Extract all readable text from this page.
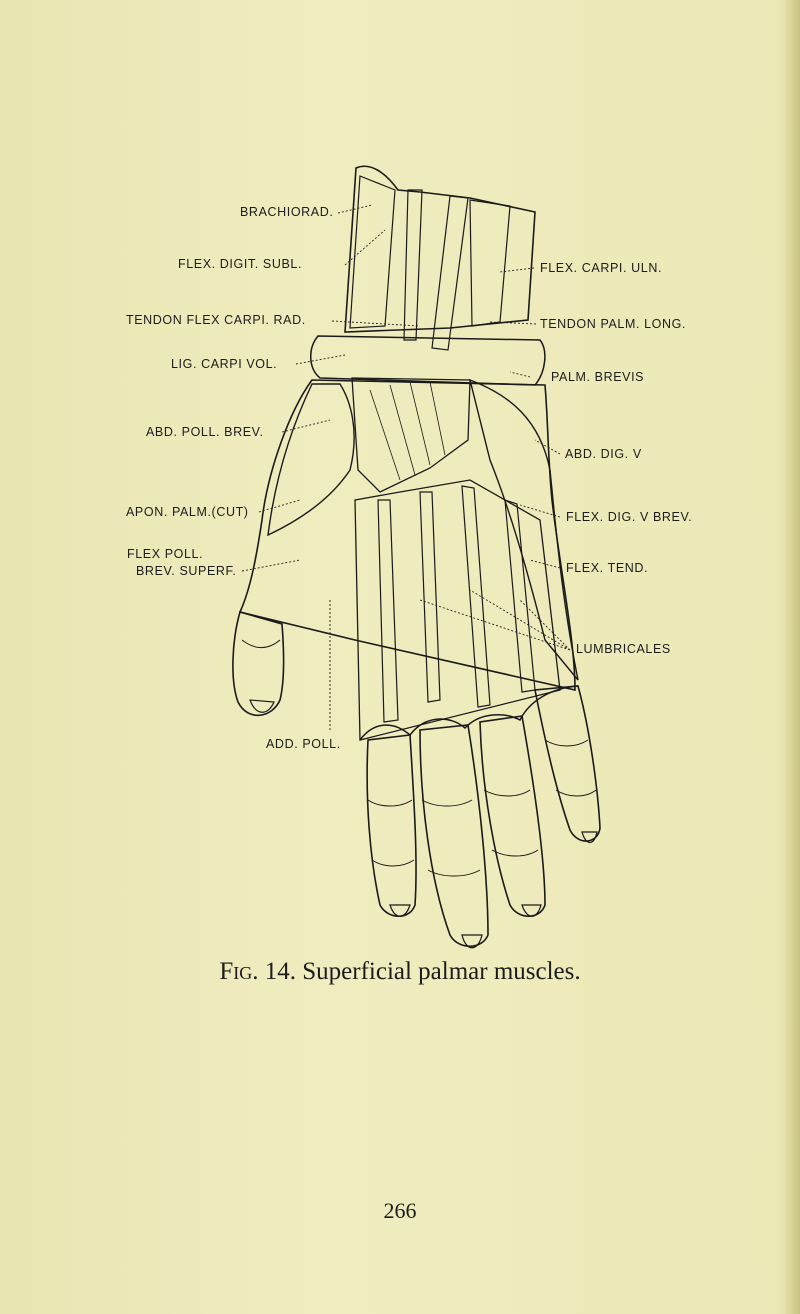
BRACHIORAD.
FLEX. DIGIT. SUBL.
TENDON FLEX CARPI. RAD.
LIG. CARPI VOL.
ABD. POLL. BREV.
APON. PALM.(CUT)
FLEX POLL.
BREV. SUPERF.
ADD. POLL.
FLEX. CARPI. ULN.
TENDON PALM. LONG.
PALM. BREVIS
ABD. DIG. V
FLEX. DIG. V BREV.
FLEX. TEND.
LUMBRICALES
Fig. 14. Superficial palmar muscles.
266
